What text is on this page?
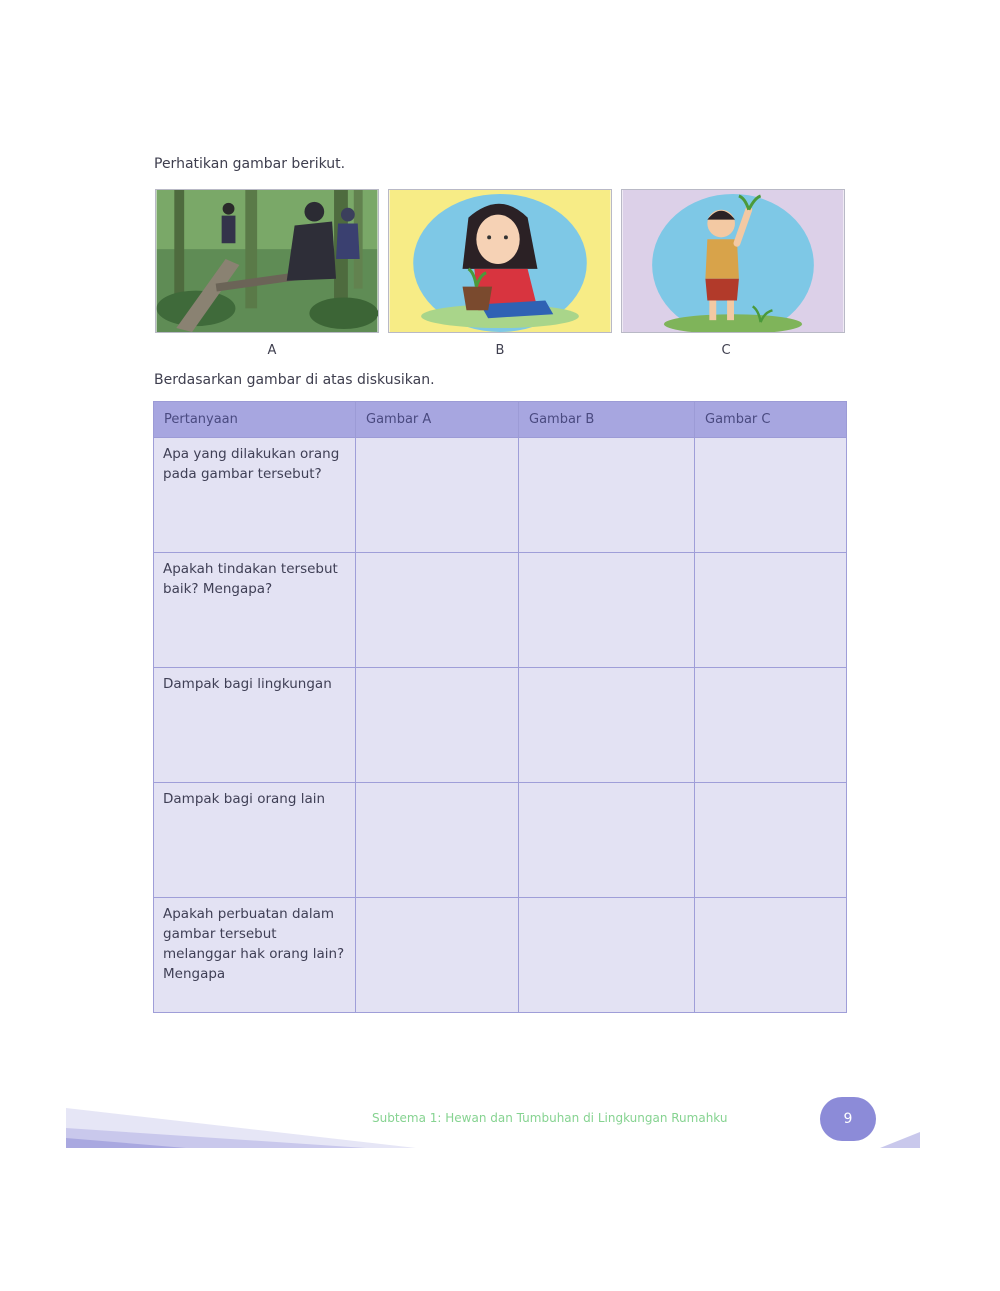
Perhatikan gambar berikut.
A	B	C
Berdasarkan gambar di atas diskusikan.
Pertanyaan	Gambar A	Gambar B	Gambar C
Apa yang dilakukan orang pada gambar tersebut?			
Apakah tindakan tersebut baik? Mengapa?			
Dampak bagi lingkungan			
Dampak bagi orang lain			
Apakah perbuatan dalam gambar tersebut melanggar hak orang lain? Mengapa			
Subtema 1: Hewan dan Tumbuhan di Lingkungan Rumahku	9
